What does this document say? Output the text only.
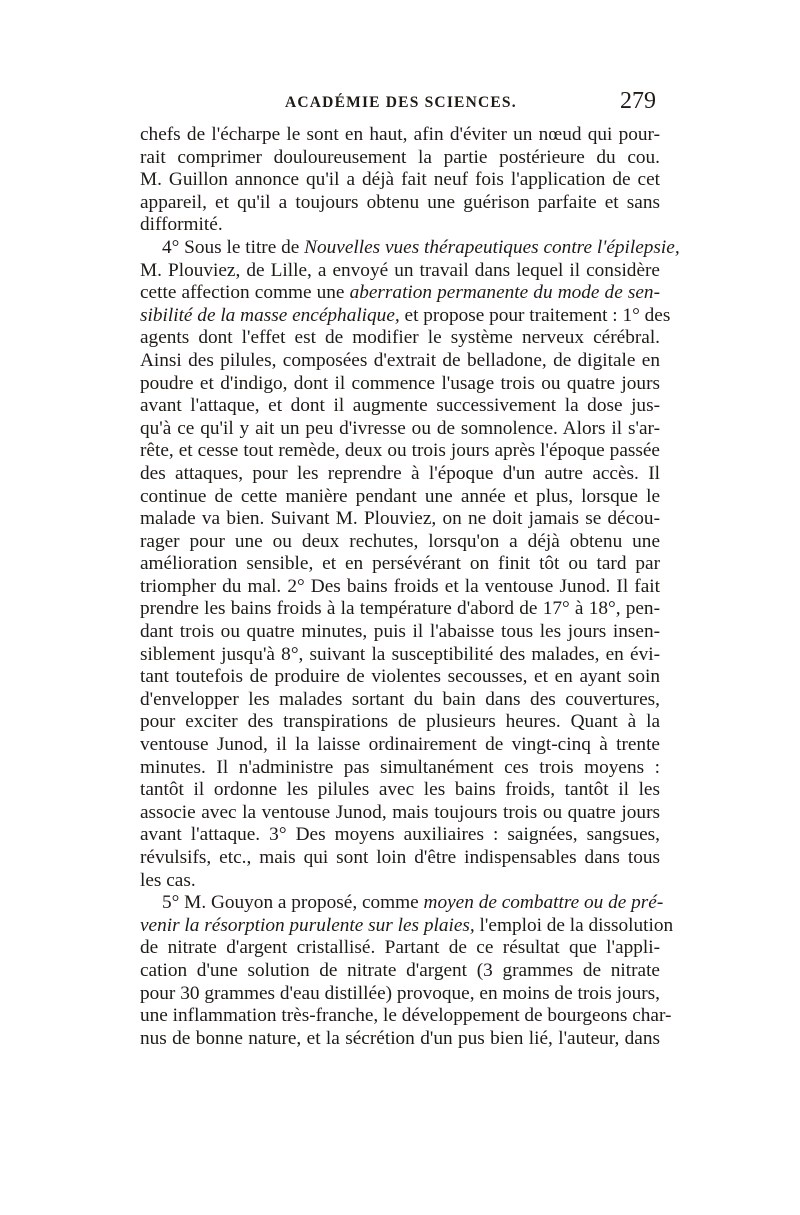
ACADÉMIE DES SCIENCES.	279
chefs de l'écharpe le sont en haut, afin d'éviter un nœud qui pour-
rait comprimer douloureusement la partie postérieure du cou.
M. Guillon annonce qu'il a déjà fait neuf fois l'application de cet
appareil, et qu'il a toujours obtenu une guérison parfaite et sans
difformité.
4° Sous le titre de Nouvelles vues thérapeutiques contre l'épilepsie,
M. Plouviez, de Lille, a envoyé un travail dans lequel il considère
cette affection comme une aberration permanente du mode de sen-
sibilité de la masse encéphalique, et propose pour traitement : 1° des
agents dont l'effet est de modifier le système nerveux cérébral.
Ainsi des pilules, composées d'extrait de belladone, de digitale en
poudre et d'indigo, dont il commence l'usage trois ou quatre jours
avant l'attaque, et dont il augmente successivement la dose jus-
qu'à ce qu'il y ait un peu d'ivresse ou de somnolence. Alors il s'ar-
rête, et cesse tout remède, deux ou trois jours après l'époque passée
des attaques, pour les reprendre à l'époque d'un autre accès. Il
continue de cette manière pendant une année et plus, lorsque le
malade va bien. Suivant M. Plouviez, on ne doit jamais se décou-
rager pour une ou deux rechutes, lorsqu'on a déjà obtenu une
amélioration sensible, et en persévérant on finit tôt ou tard par
triompher du mal. 2° Des bains froids et la ventouse Junod. Il fait
prendre les bains froids à la température d'abord de 17° à 18°, pen-
dant trois ou quatre minutes, puis il l'abaisse tous les jours insen-
siblement jusqu'à 8°, suivant la susceptibilité des malades, en évi-
tant toutefois de produire de violentes secousses, et en ayant soin
d'envelopper les malades sortant du bain dans des couvertures,
pour exciter des transpirations de plusieurs heures. Quant à la
ventouse Junod, il la laisse ordinairement de vingt-cinq à trente
minutes. Il n'administre pas simultanément ces trois moyens :
tantôt il ordonne les pilules avec les bains froids, tantôt il les
associe avec la ventouse Junod, mais toujours trois ou quatre jours
avant l'attaque. 3° Des moyens auxiliaires : saignées, sangsues,
révulsifs, etc., mais qui sont loin d'être indispensables dans tous
les cas.
5° M. Gouyon a proposé, comme moyen de combattre ou de pré-
venir la résorption purulente sur les plaies, l'emploi de la dissolution
de nitrate d'argent cristallisé. Partant de ce résultat que l'appli-
cation d'une solution de nitrate d'argent (3 grammes de nitrate
pour 30 grammes d'eau distillée) provoque, en moins de trois jours,
une inflammation très-franche, le développement de bourgeons char-
nus de bonne nature, et la sécrétion d'un pus bien lié, l'auteur, dans
